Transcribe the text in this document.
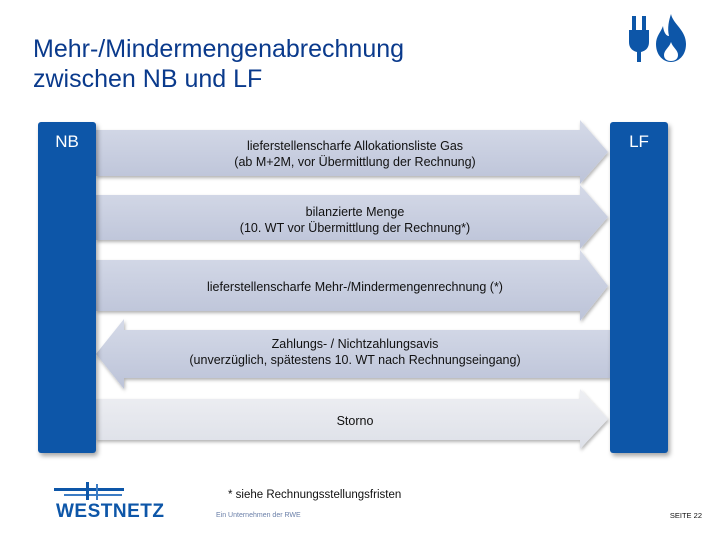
Mehr-/Mindermengenabrechnung
zwischen NB und LF
NB	LF
lieferstellenscharfe Allokationsliste Gas
(ab M+2M, vor Übermittlung der Rechnung)
bilanzierte Menge
(10. WT vor Übermittlung der Rechnung*)
lieferstellenscharfe Mehr-/Mindermengenrechnung (*)
Zahlungs- / Nichtzahlungsavis
(unverzüglich, spätestens 10. WT nach Rechnungseingang)
Storno
* siehe Rechnungsstellungsfristen
WESTNETZ	Ein Unternehmen der RWE	SEITE 22
